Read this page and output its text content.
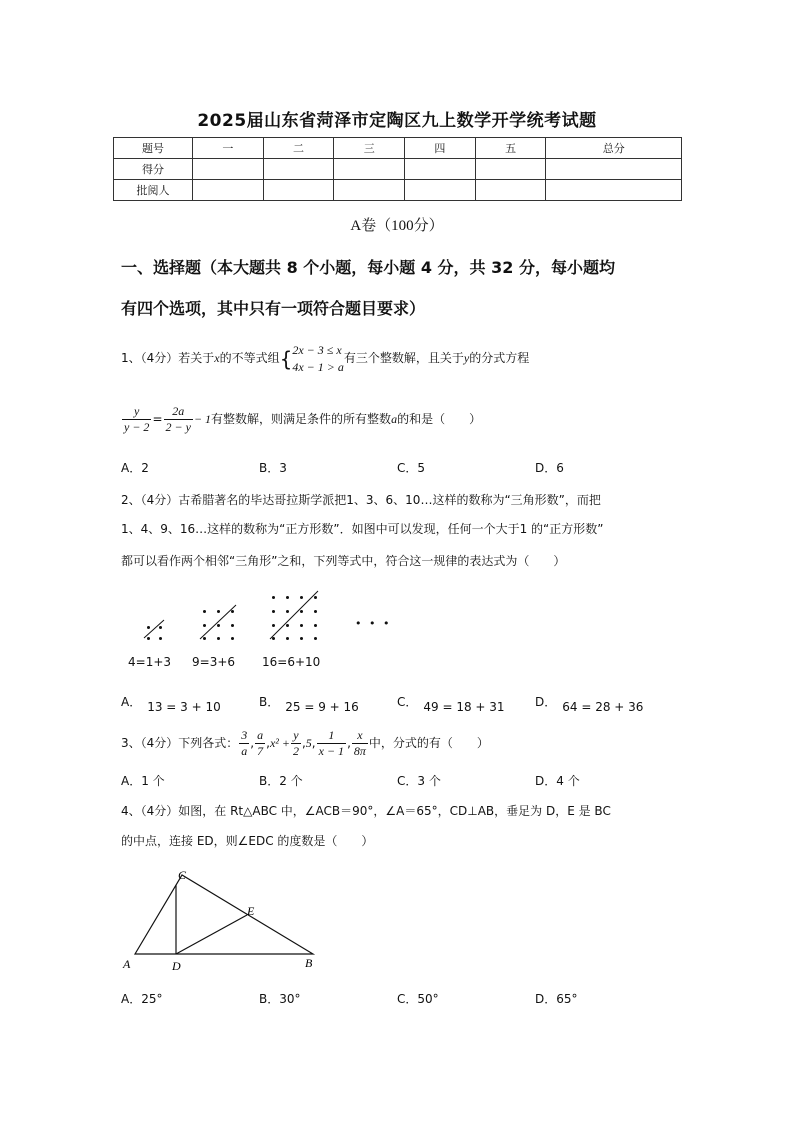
2025届山东省菏泽市定陶区九上数学开学统考试题
题号	一	二	三	四	五	总分
得分						
批阅人						
A卷（100分）
一、选择题（本大题共 8 个小题，每小题 4 分，共 32 分，每小题均
有四个选项，其中只有一项符合题目要求）
1、（4分）若关于x的不等式组{ 2x − 3 ≤ x
4x − 1 > a
有三个整数解，且关于y的分式方程
$\frac{y}{y - 2} = \frac{2a}{2 - y} - 1$有整数解，则满足条件的所有整数a的和是（　　）
A．2	B．3	C．5	D．6
2、（4分）古希腊著名的毕达哥拉斯学派把1、3、6、10…这样的数称为“三角形数”，而把
1、4、9、16…这样的数称为“正方形数”．如图中可以发现，任何一个大于1 的“正方形数”
都可以看作两个相邻“三角形”之和，下列等式中，符合这一规律的表达式为（　　）
• • •
4=1+3 9=3+6 16=6+10
A． 13 = 3 + 10	B． 25 = 9 + 16	C． 49 = 18 + 31	D． 64 = 28 + 36
3、（4分）下列各式： $\frac{3}{a}$ , $\frac{a}{7} ,x^2 + \frac{y}{2} ,5$, $\frac{1}{x - 1}$ , $\frac{x}{8\pi}$ 中，分式的有（　　）
A．1 个	B．2 个	C．3 个	D．4 个
4、（4分）如图，在 Rt△ABC 中，∠ACB＝90°，∠A＝65°，CD⊥AB，垂足为 D，E 是 BC
的中点，连接 ED，则∠EDC 的度数是（　　）
C
E
A	D	B
A．25°	B．30°	C．50°	D．65°
